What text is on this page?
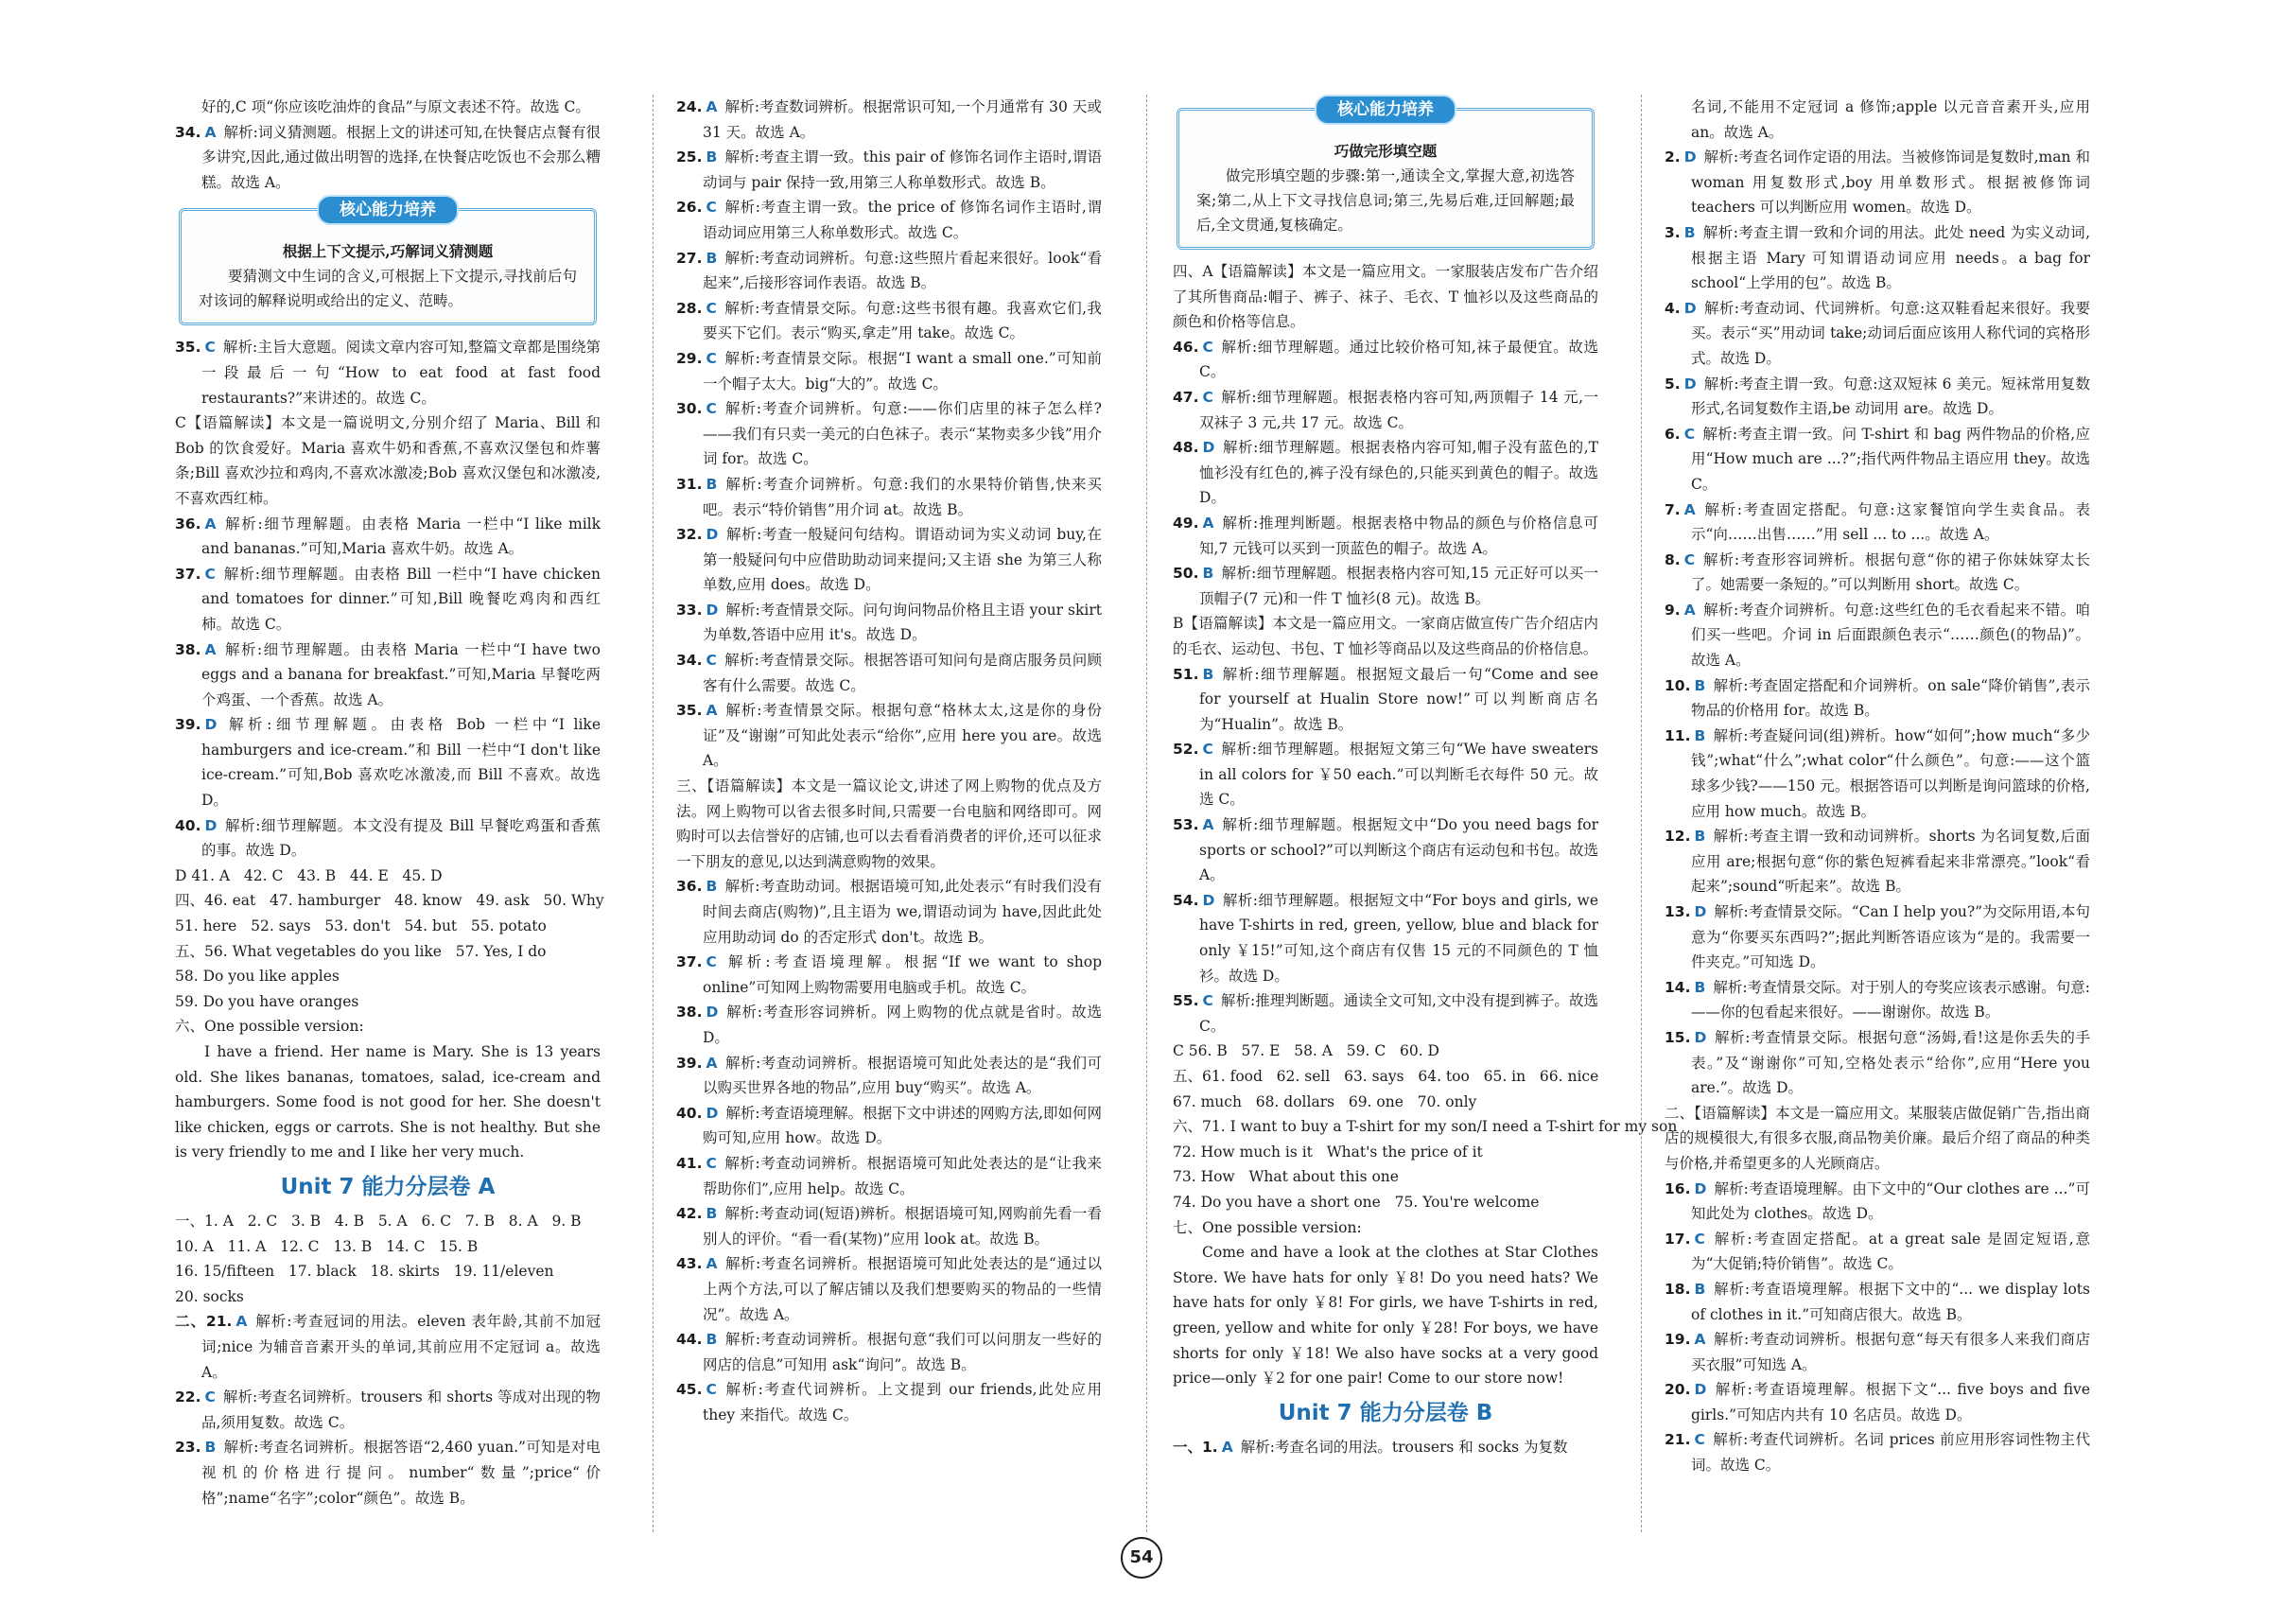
好的,C 项“你应该吃油炸的食品”与原文表述不符。故选 C。

34. A 解析:词义猜测题。根据上文的讲述可知,在快餐店点餐有很多讲究,因此,通过做出明智的选择,在快餐店吃饭也不会那么糟糕。故选 A。

核心能力培养
根据上下文提示,巧解词义猜测题

要猜测文中生词的含义,可根据上下文提示,寻找前后句对该词的解释说明或给出的定义、范畴。

35. C 解析:主旨大意题。阅读文章内容可知,整篇文章都是围绕第一段最后一句“How to eat food at fast food restaurants?”来讲述的。故选 C。

C【语篇解读】本文是一篇说明文,分别介绍了 Maria、Bill 和 Bob 的饮食爱好。Maria 喜欢牛奶和香蕉,不喜欢汉堡包和炸薯条;Bill 喜欢沙拉和鸡肉,不喜欢冰激凌;Bob 喜欢汉堡包和冰激凌,不喜欢西红柿。

36. A 解析:细节理解题。由表格 Maria 一栏中“I like milk and bananas.”可知,Maria 喜欢牛奶。故选 A。

37. C 解析:细节理解题。由表格 Bill 一栏中“I have chicken and tomatoes for dinner.”可知,Bill 晚餐吃鸡肉和西红柿。故选 C。

38. A 解析:细节理解题。由表格 Maria 一栏中“I have two eggs and a banana for breakfast.”可知,Maria 早餐吃两个鸡蛋、一个香蕉。故选 A。

39. D 解析:细节理解题。由表格 Bob 一栏中“I like hamburgers and ice-cream.”和 Bill 一栏中“I don't like ice-cream.”可知,Bob 喜欢吃冰激凌,而 Bill 不喜欢。故选 D。

40. D 解析:细节理解题。本文没有提及 Bill 早餐吃鸡蛋和香蕉的事。故选 D。

D 41. A   42. C   43. B   44. E   45. D

四、46. eat   47. hamburger   48. know   49. ask   50. Why

51. here   52. says   53. don't   54. but   55. potato

五、56. What vegetables do you like   57. Yes, I do

58. Do you like apples

59. Do you have oranges

六、One possible version:

I have a friend. Her name is Mary. She is 13 years old. She likes bananas, tomatoes, salad, ice-cream and hamburgers. Some food is not good for her. She doesn't like chicken, eggs or carrots. She is not healthy. But she is very friendly to me and I like her very much.

Unit 7 能力分层卷 A

一、1. A   2. C   3. B   4. B   5. A   6. C   7. B   8. A   9. B

10. A   11. A   12. C   13. B   14. C   15. B

16. 15/fifteen   17. black   18. skirts   19. 11/eleven

20. socks

二、21. A 解析:考查冠词的用法。eleven 表年龄,其前不加冠词;nice 为辅音音素开头的单词,其前应用不定冠词 a。故选 A。

22. C 解析:考查名词辨析。trousers 和 shorts 等成对出现的物品,须用复数。故选 C。

23. B 解析:考查名词辨析。根据答语“2,460 yuan.”可知是对电视机的价格进行提问。number“数量”;price“价格”;name“名字”;color“颜色”。故选 B。

24. A 解析:考查数词辨析。根据常识可知,一个月通常有 30 天或 31 天。故选 A。

25. B 解析:考查主谓一致。this pair of 修饰名词作主语时,谓语动词与 pair 保持一致,用第三人称单数形式。故选 B。

26. C 解析:考查主谓一致。the price of 修饰名词作主语时,谓语动词应用第三人称单数形式。故选 C。

27. B 解析:考查动词辨析。句意:这些照片看起来很好。look“看起来”,后接形容词作表语。故选 B。

28. C 解析:考查情景交际。句意:这些书很有趣。我喜欢它们,我要买下它们。表示“购买,拿走”用 take。故选 C。

29. C 解析:考查情景交际。根据“I want a small one.”可知前一个帽子太大。big“大的”。故选 C。

30. C 解析:考查介词辨析。句意:——你们店里的袜子怎么样?——我们有只卖一美元的白色袜子。表示“某物卖多少钱”用介词 for。故选 C。

31. B 解析:考查介词辨析。句意:我们的水果特价销售,快来买吧。表示“特价销售”用介词 at。故选 B。

32. D 解析:考查一般疑问句结构。谓语动词为实义动词 buy,在第一般疑问句中应借助助动词来提问;又主语 she 为第三人称单数,应用 does。故选 D。

33. D 解析:考查情景交际。问句询问物品价格且主语 your skirt 为单数,答语中应用 it's。故选 D。

34. C 解析:考查情景交际。根据答语可知问句是商店服务员问顾客有什么需要。故选 C。

35. A 解析:考查情景交际。根据句意“格林太太,这是你的身份证”及“谢谢”可知此处表示“给你”,应用 here you are。故选 A。

三、【语篇解读】本文是一篇议论文,讲述了网上购物的优点及方法。网上购物可以省去很多时间,只需要一台电脑和网络即可。网购时可以去信誉好的店铺,也可以去看看消费者的评价,还可以征求一下朋友的意见,以达到满意购物的效果。

36. B 解析:考查助动词。根据语境可知,此处表示“有时我们没有时间去商店(购物)”,且主语为 we,谓语动词为 have,因此此处应用助动词 do 的否定形式 don't。故选 B。

37. C 解析:考查语境理解。根据“If we want to shop online”可知网上购物需要用电脑或手机。故选 C。

38. D 解析:考查形容词辨析。网上购物的优点就是省时。故选 D。

39. A 解析:考查动词辨析。根据语境可知此处表达的是“我们可以购买世界各地的物品”,应用 buy“购买”。故选 A。

40. D 解析:考查语境理解。根据下文中讲述的网购方法,即如何网购可知,应用 how。故选 D。

41. C 解析:考查动词辨析。根据语境可知此处表达的是“让我来帮助你们”,应用 help。故选 C。

42. B 解析:考查动词(短语)辨析。根据语境可知,网购前先看一看别人的评价。“看一看(某物)”应用 look at。故选 B。

43. A 解析:考查名词辨析。根据语境可知此处表达的是“通过以上两个方法,可以了解店铺以及我们想要购买的物品的一些情况”。故选 A。

44. B 解析:考查动词辨析。根据句意“我们可以问朋友一些好的网店的信息”可知用 ask“询问”。故选 B。

45. C 解析:考查代词辨析。上文提到 our friends,此处应用 they 来指代。故选 C。

核心能力培养
巧做完形填空题

做完形填空题的步骤:第一,通读全文,掌握大意,初选答案;第二,从上下文寻找信息词;第三,先易后难,迂回解题;最后,全文贯通,复核确定。

四、A【语篇解读】本文是一篇应用文。一家服装店发布广告介绍了其所售商品:帽子、裤子、袜子、毛衣、T 恤衫以及这些商品的颜色和价格等信息。

46. C 解析:细节理解题。通过比较价格可知,袜子最便宜。故选 C。

47. C 解析:细节理解题。根据表格内容可知,两顶帽子 14 元,一双袜子 3 元,共 17 元。故选 C。

48. D 解析:细节理解题。根据表格内容可知,帽子没有蓝色的,T 恤衫没有红色的,裤子没有绿色的,只能买到黄色的帽子。故选 D。

49. A 解析:推理判断题。根据表格中物品的颜色与价格信息可知,7 元钱可以买到一顶蓝色的帽子。故选 A。

50. B 解析:细节理解题。根据表格内容可知,15 元正好可以买一顶帽子(7 元)和一件 T 恤衫(8 元)。故选 B。

B【语篇解读】本文是一篇应用文。一家商店做宣传广告介绍店内的毛衣、运动包、书包、T 恤衫等商品以及这些商品的价格信息。

51. B 解析:细节理解题。根据短文最后一句“Come and see for yourself at Hualin Store now!”可以判断商店名为“Hualin”。故选 B。

52. C 解析:细节理解题。根据短文第三句“We have sweaters in all colors for ￥50 each.”可以判断毛衣每件 50 元。故选 C。

53. A 解析:细节理解题。根据短文中“Do you need bags for sports or school?”可以判断这个商店有运动包和书包。故选 A。

54. D 解析:细节理解题。根据短文中“For boys and girls, we have T-shirts in red, green, yellow, blue and black for only ￥15!”可知,这个商店有仅售 15 元的不同颜色的 T 恤衫。故选 D。

55. C 解析:推理判断题。通读全文可知,文中没有提到裤子。故选 C。

C 56. B   57. E   58. A   59. C   60. D

五、61. food   62. sell   63. says   64. too   65. in   66. nice

67. much   68. dollars   69. one   70. only

六、71. I want to buy a T-shirt for my son/I need a T-shirt for my son

72. How much is it   What's the price of it

73. How   What about this one

74. Do you have a short one   75. You're welcome

七、One possible version:

Come and have a look at the clothes at Star Clothes Store. We have hats for only ￥8! Do you need hats? We have hats for only ￥8! For girls, we have T-shirts in red, green, yellow and white for only ￥28! For boys, we have shorts for only ￥18! We also have socks at a very good price—only ￥2 for one pair! Come to our store now!

Unit 7 能力分层卷 B

一、1. A 解析:考查名词的用法。trousers 和 socks 为复数

名词,不能用不定冠词 a 修饰;apple 以元音音素开头,应用 an。故选 A。

2. D 解析:考查名词作定语的用法。当被修饰词是复数时,man 和 woman 用复数形式,boy 用单数形式。根据被修饰词 teachers 可以判断应用 women。故选 D。

3. B 解析:考查主谓一致和介词的用法。此处 need 为实义动词,根据主语 Mary 可知谓语动词应用 needs。a bag for school“上学用的包”。故选 B。

4. D 解析:考查动词、代词辨析。句意:这双鞋看起来很好。我要买。表示“买”用动词 take;动词后面应该用人称代词的宾格形式。故选 D。

5. D 解析:考查主谓一致。句意:这双短袜 6 美元。短袜常用复数形式,名词复数作主语,be 动词用 are。故选 D。

6. C 解析:考查主谓一致。问 T-shirt 和 bag 两件物品的价格,应用“How much are ...?”;指代两件物品主语应用 they。故选 C。

7. A 解析:考查固定搭配。句意:这家餐馆向学生卖食品。表示“向……出售……”用 sell ... to ...。故选 A。

8. C 解析:考查形容词辨析。根据句意“你的裙子你妹妹穿太长了。她需要一条短的。”可以判断用 short。故选 C。

9. A 解析:考查介词辨析。句意:这些红色的毛衣看起来不错。咱们买一些吧。介词 in 后面跟颜色表示“……颜色(的物品)”。故选 A。

10. B 解析:考查固定搭配和介词辨析。on sale“降价销售”,表示物品的价格用 for。故选 B。

11. B 解析:考查疑问词(组)辨析。how“如何”;how much“多少钱”;what“什么”;what color“什么颜色”。句意:——这个篮球多少钱?——150 元。根据答语可以判断是询问篮球的价格,应用 how much。故选 B。

12. B 解析:考查主谓一致和动词辨析。shorts 为名词复数,后面应用 are;根据句意“你的紫色短裤看起来非常漂亮。”look“看起来”;sound“听起来”。故选 B。

13. D 解析:考查情景交际。“Can I help you?”为交际用语,本句意为“你要买东西吗?”;据此判断答语应该为“是的。我需要一件夹克。”可知选 D。

14. B 解析:考查情景交际。对于别人的夸奖应该表示感谢。句意:——你的包看起来很好。——谢谢你。故选 B。

15. D 解析:考查情景交际。根据句意“汤姆,看!这是你丢失的手表。”及“谢谢你”可知,空格处表示“给你”,应用“Here you are.”。故选 D。

二、【语篇解读】本文是一篇应用文。某服装店做促销广告,指出商店的规模很大,有很多衣服,商品物美价廉。最后介绍了商品的种类与价格,并希望更多的人光顾商店。

16. D 解析:考查语境理解。由下文中的“Our clothes are ...”可知此处为 clothes。故选 D。

17. C 解析:考查固定搭配。at a great sale 是固定短语,意为“大促销;特价销售”。故选 C。

18. B 解析:考查语境理解。根据下文中的“... we display lots of clothes in it.”可知商店很大。故选 B。

19. A 解析:考查动词辨析。根据句意“每天有很多人来我们商店买衣服”可知选 A。

20. D 解析:考查语境理解。根据下文“... five boys and five girls.”可知店内共有 10 名店员。故选 D。

21. C 解析:考查代词辨析。名词 prices 前应用形容词性物主代词。故选 C。

54
